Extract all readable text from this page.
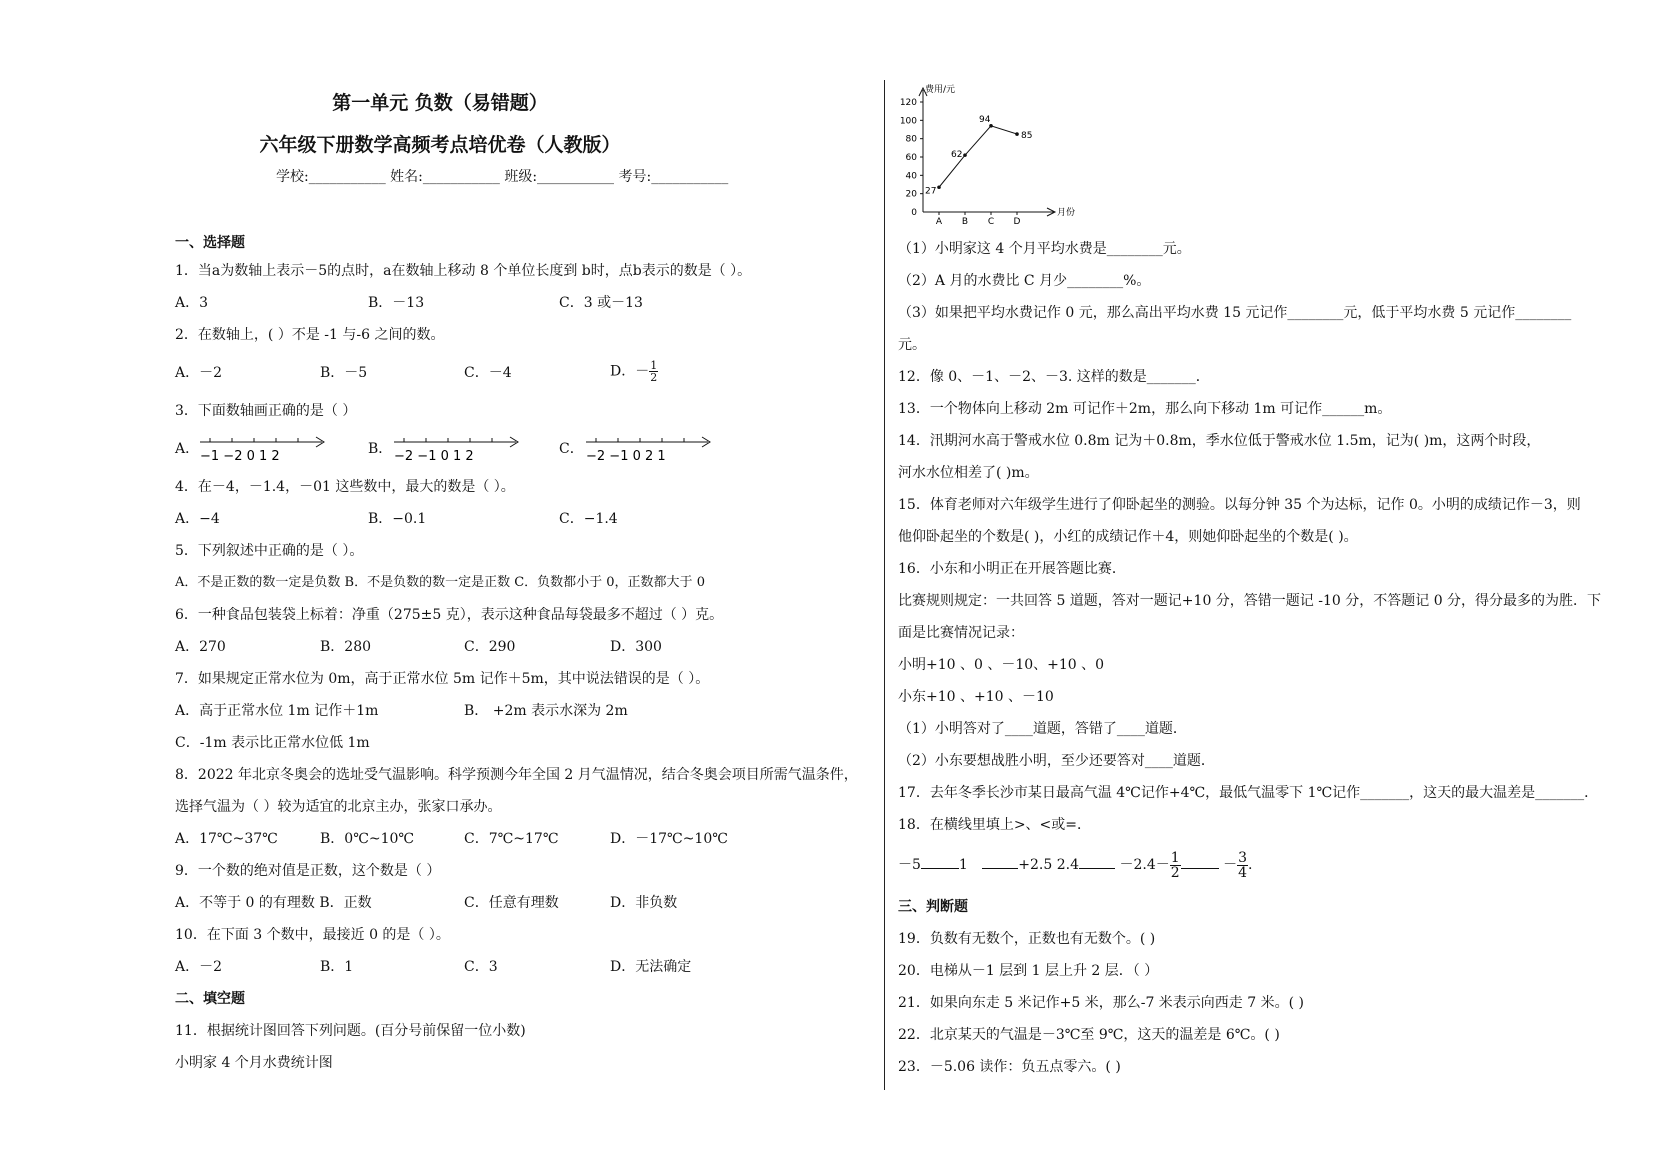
第一单元 负数（易错题）
六年级下册数学高频考点培优卷（人教版）
学校:___________ 姓名:___________ 班级:___________ 考号:___________
一、选择题
1．当a为数轴上表示－5的点时，a在数轴上移动 8 个单位长度到 b时，点b表示的数是（ ）。
A．3	B．－13	C．3 或－13
2．在数轴上，( ）不是 -1 与-6 之间的数。
A．－2	B．－5	C．－4	D．－ $\frac{1}{2}$
3．下面数轴画正确的是（ ）
A． −1 −2 0 1 2	B． −2 −1 0 1 2	C． −2 −1 0 2 1
4．在－4，－1.4，－01 这些数中，最大的数是（ ）。
A．−4	B．−0.1	C．−1.4
5．下列叙述中正确的是（ ）。
A．不是正数的数一定是负数 B．不是负数的数一定是正数 C．负数都小于 0，正数都大于 0
6．一种食品包装袋上标着：净重（275±5 克），表示这种食品每袋最多不超过（ ）克。
A．270	B．280	C．290	D．300
7．如果规定正常水位为 0m，高于正常水位 5m 记作＋5m，其中说法错误的是（ ）。
A．高于正常水位 1m 记作＋1m	B． +2m 表示水深为 2m
C．-1m 表示比正常水位低 1m
8．2022 年北京冬奥会的选址受气温影响。科学预测今年全国 2 月气温情况，结合冬奥会项目所需气温条件，
选择气温为（ ）较为适宜的北京主办，张家口承办。
A．17℃~37℃	B．0℃~10℃	C．7℃~17℃	D．－17℃~10℃
9．一个数的绝对值是正数，这个数是（ ）
A．不等于 0 的有理数 B．正数	C．任意有理数	D．非负数
10．在下面 3 个数中，最接近 0 的是（ ）。
A．－2	B．1	C．3	D．无法确定
二、填空题
11．根据统计图回答下列问题。(百分号前保留一位小数)
小明家 4 个月水费统计图
费用/元
月份
0
20
40
60
80
100
120
A B C D
27
62
94
85
（1）小明家这 4 个月平均水费是________元。
（2）A 月的水费比 C 月少________%。
（3）如果把平均水费记作 0 元，那么高出平均水费 15 元记作________元，低于平均水费 5 元记作________
元。
12．像 0、－1、－2、－3. 这样的数是_______．
13．一个物体向上移动 2m 可记作＋2m，那么向下移动 1m 可记作______m。
14．汛期河水高于警戒水位 0.8m 记为＋0.8m，季水位低于警戒水位 1.5m，记为( )m，这两个时段，
河水水位相差了( )m。
15．体育老师对六年级学生进行了仰卧起坐的测验。以每分钟 35 个为达标，记作 0。小明的成绩记作－3，则
他仰卧起坐的个数是( )，小红的成绩记作＋4，则她仰卧起坐的个数是( )。
16．小东和小明正在开展答题比赛．
比赛规则规定：一共回答 5 道题，答对一题记+10 分，答错一题记 -10 分，不答题记 0 分，得分最多的为胜．下
面是比赛情况记录：
小明+10 、0 、－10、+10 、0
小东+10 、+10 、－10
（1）小明答对了____道题，答错了____道题．
（2）小东要想战胜小明，至少还要答对____道题．
17．去年冬季长沙市某日最高气温 4℃记作+4℃，最低气温零下 1℃记作_______，这天的最大温差是_______．
18．在横线里填上>、<或=．
－5	1	+2.5 2.4	$-2.4- \frac{1}{2}$	－ $\frac{3}{4}$ .
三、判断题
19．负数有无数个，正数也有无数个。( )
20．电梯从－1 层到 1 层上升 2 层．（ ）
21．如果向东走 5 米记作+5 米，那么-7 米表示向西走 7 米。( )
22．北京某天的气温是－3℃至 9℃，这天的温差是 6℃。( )
23．－5.06 读作：负五点零六。( )
